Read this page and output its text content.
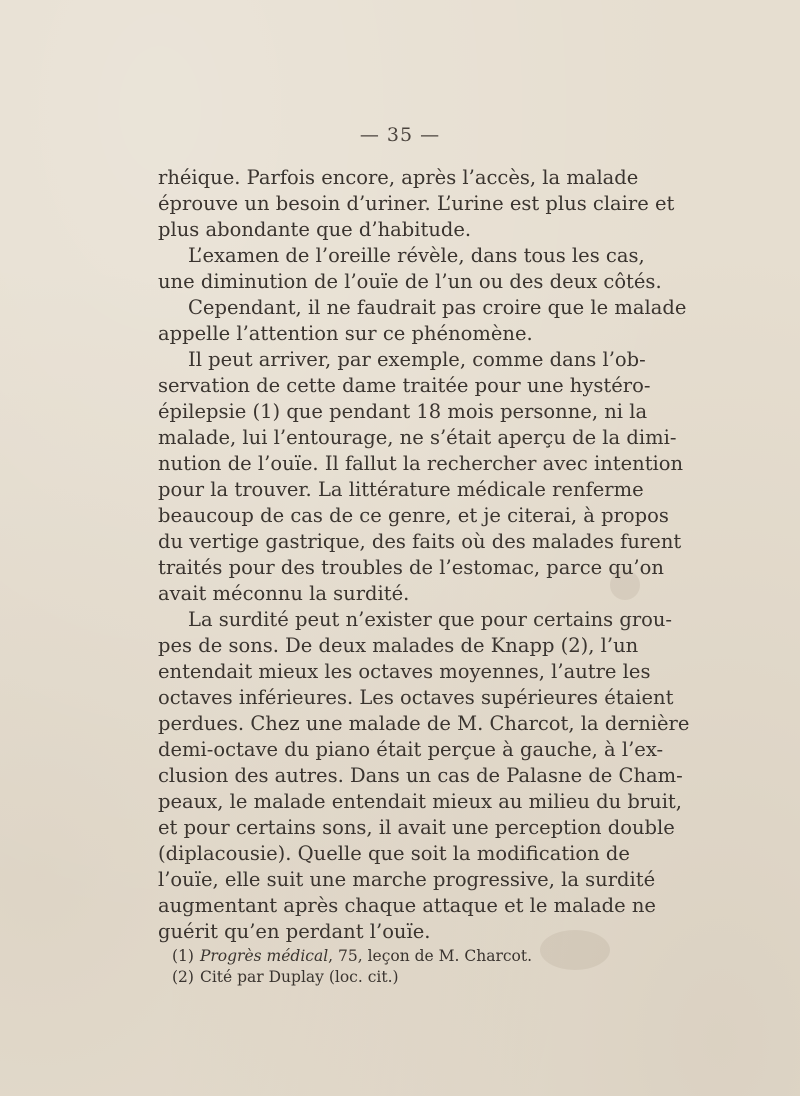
— 35 —
rhéique. Parfois encore, après l’accès, la malade
éprouve un besoin d’uriner. L’urine est plus claire et
plus abondante que d’habitude.
L’examen de l’oreille révèle, dans tous les cas,
une diminution de l’ouïe de l’un ou des deux côtés.
Cependant, il ne faudrait pas croire que le malade
appelle l’attention sur ce phénomène.
Il peut arriver, par exemple, comme dans l’ob-
servation de cette dame traitée pour une hystéro-
épilepsie (1) que pendant 18 mois personne, ni la
malade, lui l’entourage, ne s’était aperçu de la dimi-
nution de l’ouïe. Il fallut la rechercher avec intention
pour la trouver. La littérature médicale renferme
beaucoup de cas de ce genre, et je citerai, à propos
du vertige gastrique, des faits où des malades furent
traités pour des troubles de l’estomac, parce qu’on
avait méconnu la surdité.
La surdité peut n’exister que pour certains grou-
pes de sons. De deux malades de Knapp (2), l’un
entendait mieux les octaves moyennes, l’autre les
octaves inférieures. Les octaves supérieures étaient
perdues. Chez une malade de M. Charcot, la dernière
demi-octave du piano était perçue à gauche, à l’ex-
clusion des autres. Dans un cas de Palasne de Cham-
peaux, le malade entendait mieux au milieu du bruit,
et pour certains sons, il avait une perception double
(diplacousie). Quelle que soit la modification de
l’ouïe, elle suit une marche progressive, la surdité
augmentant après chaque attaque et le malade ne
guérit qu’en perdant l’ouïe.
(1) Progrès médical, 75, leçon de M. Charcot.
(2) Cité par Duplay (loc. cit.)
